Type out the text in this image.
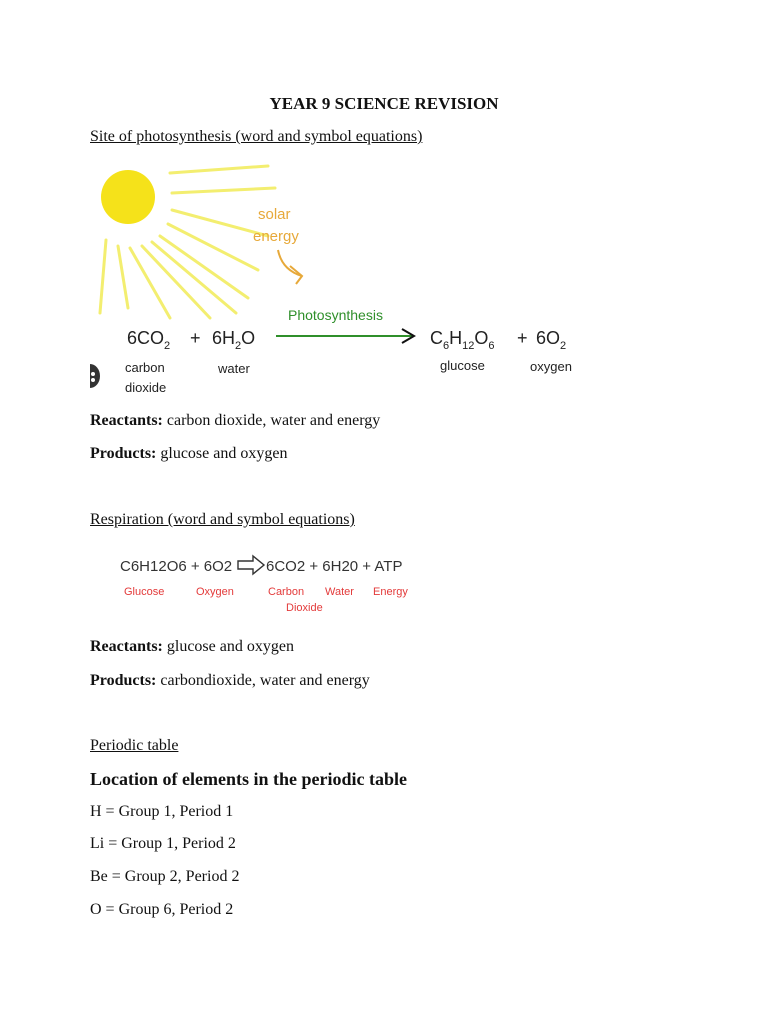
YEAR 9 SCIENCE REVISION
Site of photosynthesis (word and symbol equations)
solar
energy
Photosynthesis
$6CO_2 + 6H_2O$	$C_6H_{12}O_6 + 6O_2$
carbon
dioxide
water	glucose	oxygen
Reactants: carbon dioxide, water and energy
Products: glucose and oxygen
Respiration (word and symbol equations)
C6H12O6 + 6O2 6CO2 + 6H20 + ATP
Glucose	Oxygen	Carbon Water Energy
Dioxide
Reactants: glucose and oxygen
Products: carbondioxide, water and energy
Periodic table
Location of elements in the periodic table
H = Group 1, Period 1
Li = Group 1, Period 2
Be = Group 2, Period 2
O = Group 6, Period 2
